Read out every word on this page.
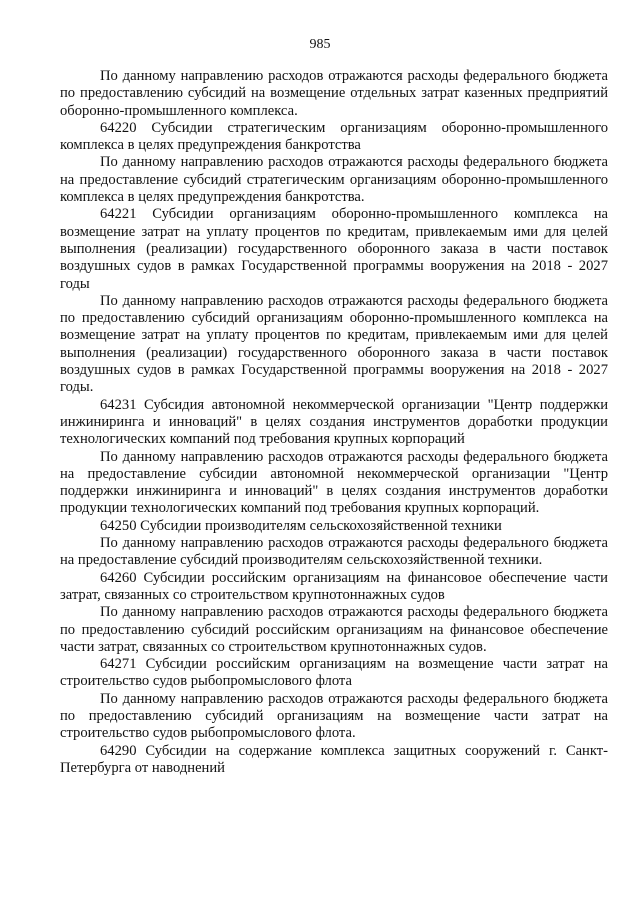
985

По данному направлению расходов отражаются расходы федерального бюджета по предоставлению субсидий на возмещение отдельных затрат казенных предприятий оборонно-промышленного комплекса.

64220 Субсидии стратегическим организациям оборонно-промышленного комплекса в целях предупреждения банкротства

По данному направлению расходов отражаются расходы федерального бюджета на предоставление субсидий стратегическим организациям оборонно-промышленного комплекса в целях предупреждения банкротства.

64221 Субсидии организациям оборонно-промышленного комплекса на возмещение затрат на уплату процентов по кредитам, привлекаемым ими для целей выполнения (реализации) государственного оборонного заказа в части поставок воздушных судов в рамках Государственной программы вооружения на 2018 - 2027 годы

По данному направлению расходов отражаются расходы федерального бюджета по предоставлению субсидий организациям оборонно-промышленного комплекса на возмещение затрат на уплату процентов по кредитам, привлекаемым ими для целей выполнения (реализации) государственного оборонного заказа в части поставок воздушных судов в рамках Государственной программы вооружения на 2018 - 2027 годы.

64231 Субсидия автономной некоммерческой организации "Центр поддержки инжиниринга и инноваций" в целях создания инструментов доработки продукции технологических компаний под требования крупных корпораций

По данному направлению расходов отражаются расходы федерального бюджета на предоставление субсидии автономной некоммерческой организации "Центр поддержки инжиниринга и инноваций" в целях создания инструментов доработки продукции технологических компаний под требования крупных корпораций.

64250 Субсидии производителям сельскохозяйственной техники

По данному направлению расходов отражаются расходы федерального бюджета на предоставление субсидий производителям сельскохозяйственной техники.

64260 Субсидии российским организациям на финансовое обеспечение части затрат, связанных со строительством крупнотоннажных судов

По данному направлению расходов отражаются расходы федерального бюджета по предоставлению субсидий российским организациям на финансовое обеспечение части затрат, связанных со строительством крупнотоннажных судов.

64271 Субсидии российским организациям на возмещение части затрат на строительство судов рыбопромыслового флота

По данному направлению расходов отражаются расходы федерального бюджета по предоставлению субсидий организациям на возмещение части затрат на строительство судов рыбопромыслового флота.

64290 Субсидии на содержание комплекса защитных сооружений г. Санкт-Петербурга от наводнений
